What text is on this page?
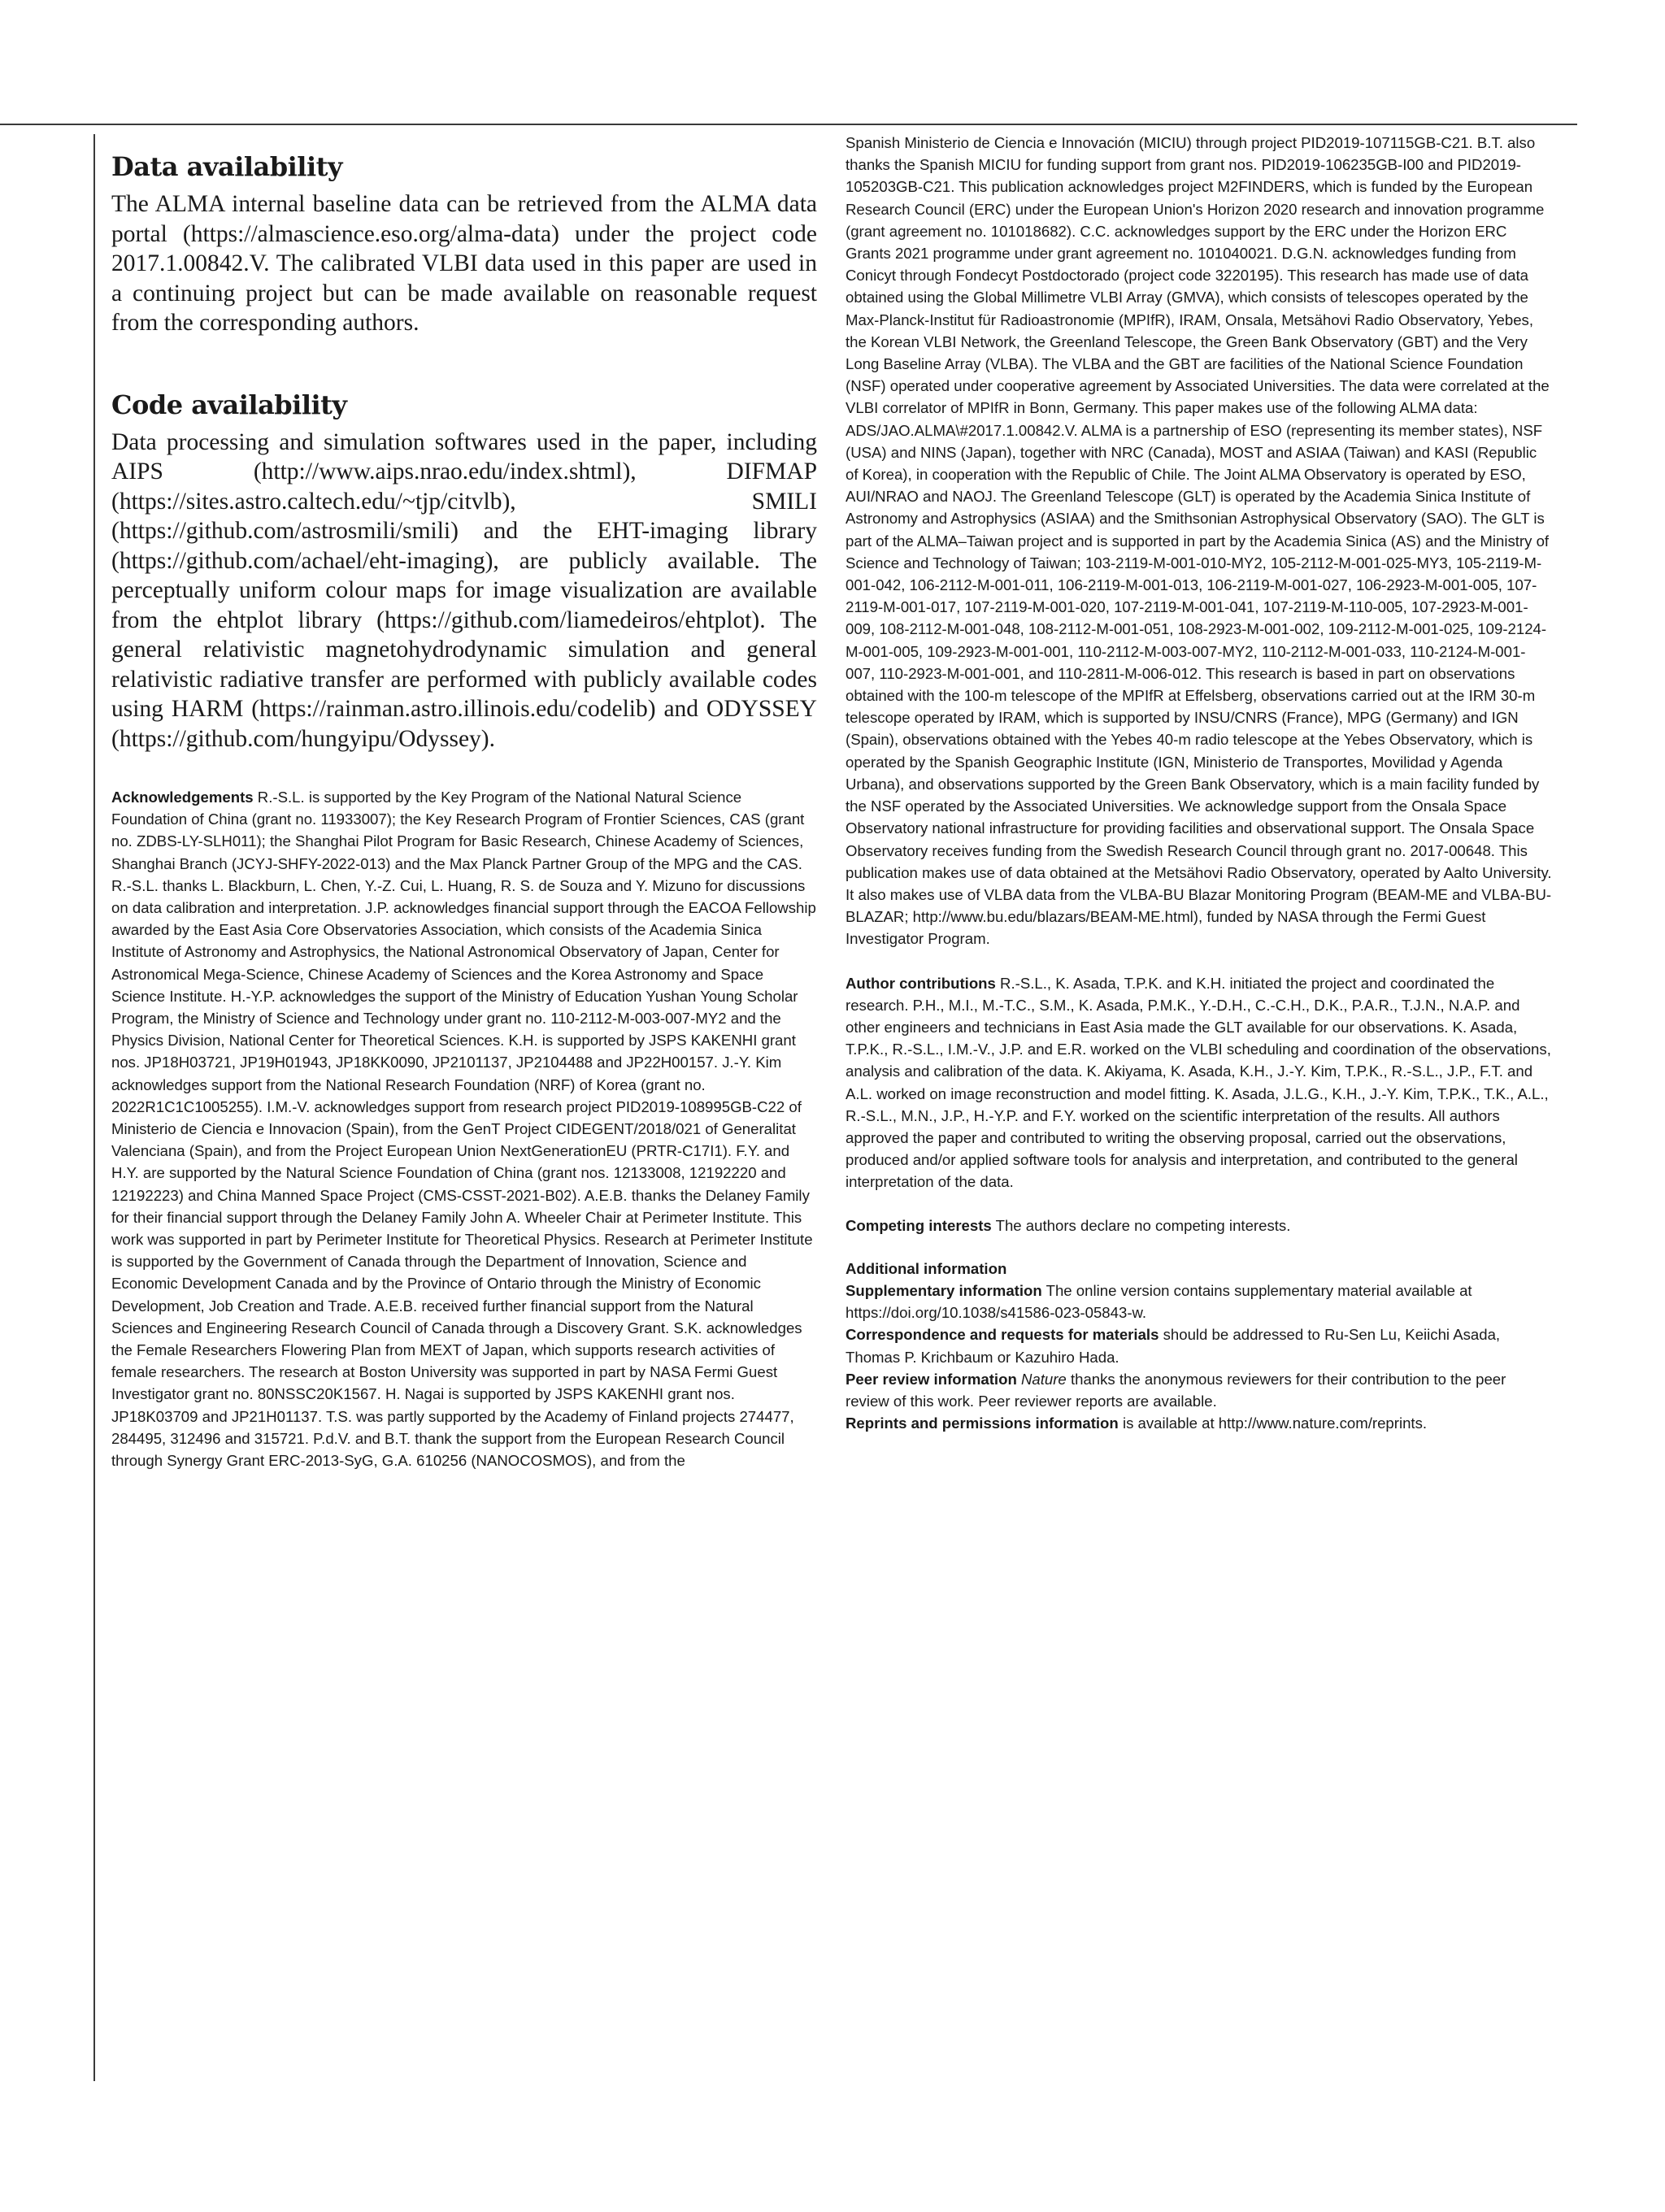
Data availability

The ALMA internal baseline data can be retrieved from the ALMA data portal (https://almascience.eso.org/alma-data) under the project code 2017.1.00842.V. The calibrated VLBI data used in this paper are used in a continuing project but can be made available on reasonable request from the corresponding authors.

Code availability

Data processing and simulation softwares used in the paper, including AIPS (http://www.aips.nrao.edu/index.shtml), DIFMAP (https://sites.astro.caltech.edu/~tjp/citvlb), SMILI (https://github.com/astrosmili/smili) and the EHT-imaging library (https://github.com/achael/eht-imaging), are publicly available. The perceptually uniform colour maps for image visualization are available from the ehtplot library (https://github.com/liamedeiros/ehtplot). The general relativistic magnetohydrodynamic simulation and general relativistic radiative transfer are performed with publicly available codes using HARM (https://rainman.astro.illinois.edu/codelib) and ODYSSEY (https://github.com/hungyipu/Odyssey).

Acknowledgements R.-S.L. is supported by the Key Program of the National Natural Science Foundation of China (grant no. 11933007); the Key Research Program of Frontier Sciences, CAS (grant no. ZDBS-LY-SLH011); the Shanghai Pilot Program for Basic Research, Chinese Academy of Sciences, Shanghai Branch (JCYJ-SHFY-2022-013) and the Max Planck Partner Group of the MPG and the CAS. R.-S.L. thanks L. Blackburn, L. Chen, Y.-Z. Cui, L. Huang, R. S. de Souza and Y. Mizuno for discussions on data calibration and interpretation. J.P. acknowledges financial support through the EACOA Fellowship awarded by the East Asia Core Observatories Association, which consists of the Academia Sinica Institute of Astronomy and Astrophysics, the National Astronomical Observatory of Japan, Center for Astronomical Mega-Science, Chinese Academy of Sciences and the Korea Astronomy and Space Science Institute. H.-Y.P. acknowledges the support of the Ministry of Education Yushan Young Scholar Program, the Ministry of Science and Technology under grant no. 110-2112-M-003-007-MY2 and the Physics Division, National Center for Theoretical Sciences. K.H. is supported by JSPS KAKENHI grant nos. JP18H03721, JP19H01943, JP18KK0090, JP2101137, JP2104488 and JP22H00157. J.-Y. Kim acknowledges support from the National Research Foundation (NRF) of Korea (grant no. 2022R1C1C1005255). I.M.-V. acknowledges support from research project PID2019-108995GB-C22 of Ministerio de Ciencia e Innovacion (Spain), from the GenT Project CIDEGENT/2018/021 of Generalitat Valenciana (Spain), and from the Project European Union NextGenerationEU (PRTR-C17I1). F.Y. and H.Y. are supported by the Natural Science Foundation of China (grant nos. 12133008, 12192220 and 12192223) and China Manned Space Project (CMS-CSST-2021-B02). A.E.B. thanks the Delaney Family for their financial support through the Delaney Family John A. Wheeler Chair at Perimeter Institute. This work was supported in part by Perimeter Institute for Theoretical Physics. Research at Perimeter Institute is supported by the Government of Canada through the Department of Innovation, Science and Economic Development Canada and by the Province of Ontario through the Ministry of Economic Development, Job Creation and Trade. A.E.B. received further financial support from the Natural Sciences and Engineering Research Council of Canada through a Discovery Grant. S.K. acknowledges the Female Researchers Flowering Plan from MEXT of Japan, which supports research activities of female researchers. The research at Boston University was supported in part by NASA Fermi Guest Investigator grant no. 80NSSC20K1567. H. Nagai is supported by JSPS KAKENHI grant nos. JP18K03709 and JP21H01137. T.S. was partly supported by the Academy of Finland projects 274477, 284495, 312496 and 315721. P.d.V. and B.T. thank the support from the European Research Council through Synergy Grant ERC-2013-SyG, G.A. 610256 (NANOCOSMOS), and from the

Spanish Ministerio de Ciencia e Innovación (MICIU) through project PID2019-107115GB-C21. B.T. also thanks the Spanish MICIU for funding support from grant nos. PID2019-106235GB-I00 and PID2019-105203GB-C21. This publication acknowledges project M2FINDERS, which is funded by the European Research Council (ERC) under the European Union's Horizon 2020 research and innovation programme (grant agreement no. 101018682). C.C. acknowledges support by the ERC under the Horizon ERC Grants 2021 programme under grant agreement no. 101040021. D.G.N. acknowledges funding from Conicyt through Fondecyt Postdoctorado (project code 3220195). This research has made use of data obtained using the Global Millimetre VLBI Array (GMVA), which consists of telescopes operated by the Max-Planck-Institut für Radioastronomie (MPIfR), IRAM, Onsala, Metsähovi Radio Observatory, Yebes, the Korean VLBI Network, the Greenland Telescope, the Green Bank Observatory (GBT) and the Very Long Baseline Array (VLBA). The VLBA and the GBT are facilities of the National Science Foundation (NSF) operated under cooperative agreement by Associated Universities. The data were correlated at the VLBI correlator of MPIfR in Bonn, Germany. This paper makes use of the following ALMA data: ADS/JAO.ALMA\#2017.1.00842.V. ALMA is a partnership of ESO (representing its member states), NSF (USA) and NINS (Japan), together with NRC (Canada), MOST and ASIAA (Taiwan) and KASI (Republic of Korea), in cooperation with the Republic of Chile. The Joint ALMA Observatory is operated by ESO, AUI/NRAO and NAOJ. The Greenland Telescope (GLT) is operated by the Academia Sinica Institute of Astronomy and Astrophysics (ASIAA) and the Smithsonian Astrophysical Observatory (SAO). The GLT is part of the ALMA–Taiwan project and is supported in part by the Academia Sinica (AS) and the Ministry of Science and Technology of Taiwan; 103-2119-M-001-010-MY2, 105-2112-M-001-025-MY3, 105-2119-M-001-042, 106-2112-M-001-011, 106-2119-M-001-013, 106-2119-M-001-027, 106-2923-M-001-005, 107-2119-M-001-017, 107-2119-M-001-020, 107-2119-M-001-041, 107-2119-M-110-005, 107-2923-M-001-009, 108-2112-M-001-048, 108-2112-M-001-051, 108-2923-M-001-002, 109-2112-M-001-025, 109-2124-M-001-005, 109-2923-M-001-001, 110-2112-M-003-007-MY2, 110-2112-M-001-033, 110-2124-M-001-007, 110-2923-M-001-001, and 110-2811-M-006-012. This research is based in part on observations obtained with the 100-m telescope of the MPIfR at Effelsberg, observations carried out at the IRM 30-m telescope operated by IRAM, which is supported by INSU/CNRS (France), MPG (Germany) and IGN (Spain), observations obtained with the Yebes 40-m radio telescope at the Yebes Observatory, which is operated by the Spanish Geographic Institute (IGN, Ministerio de Transportes, Movilidad y Agenda Urbana), and observations supported by the Green Bank Observatory, which is a main facility funded by the NSF operated by the Associated Universities. We acknowledge support from the Onsala Space Observatory national infrastructure for providing facilities and observational support. The Onsala Space Observatory receives funding from the Swedish Research Council through grant no. 2017-00648. This publication makes use of data obtained at the Metsähovi Radio Observatory, operated by Aalto University. It also makes use of VLBA data from the VLBA-BU Blazar Monitoring Program (BEAM-ME and VLBA-BU-BLAZAR; http://www.bu.edu/blazars/BEAM-ME.html), funded by NASA through the Fermi Guest Investigator Program.

Author contributions R.-S.L., K. Asada, T.P.K. and K.H. initiated the project and coordinated the research. P.H., M.I., M.-T.C., S.M., K. Asada, P.M.K., Y.-D.H., C.-C.H., D.K., P.A.R., T.J.N., N.A.P. and other engineers and technicians in East Asia made the GLT available for our observations. K. Asada, T.P.K., R.-S.L., I.M.-V., J.P. and E.R. worked on the VLBI scheduling and coordination of the observations, analysis and calibration of the data. K. Akiyama, K. Asada, K.H., J.-Y. Kim, T.P.K., R.-S.L., J.P., F.T. and A.L. worked on image reconstruction and model fitting. K. Asada, J.L.G., K.H., J.-Y. Kim, T.P.K., T.K., A.L., R.-S.L., M.N., J.P., H.-Y.P. and F.Y. worked on the scientific interpretation of the results. All authors approved the paper and contributed to writing the observing proposal, carried out the observations, produced and/or applied software tools for analysis and interpretation, and contributed to the general interpretation of the data.

Competing interests The authors declare no competing interests.

Additional information

Supplementary information The online version contains supplementary material available at https://doi.org/10.1038/s41586-023-05843-w.

Correspondence and requests for materials should be addressed to Ru-Sen Lu, Keiichi Asada, Thomas P. Krichbaum or Kazuhiro Hada.

Peer review information Nature thanks the anonymous reviewers for their contribution to the peer review of this work. Peer reviewer reports are available.

Reprints and permissions information is available at http://www.nature.com/reprints.
